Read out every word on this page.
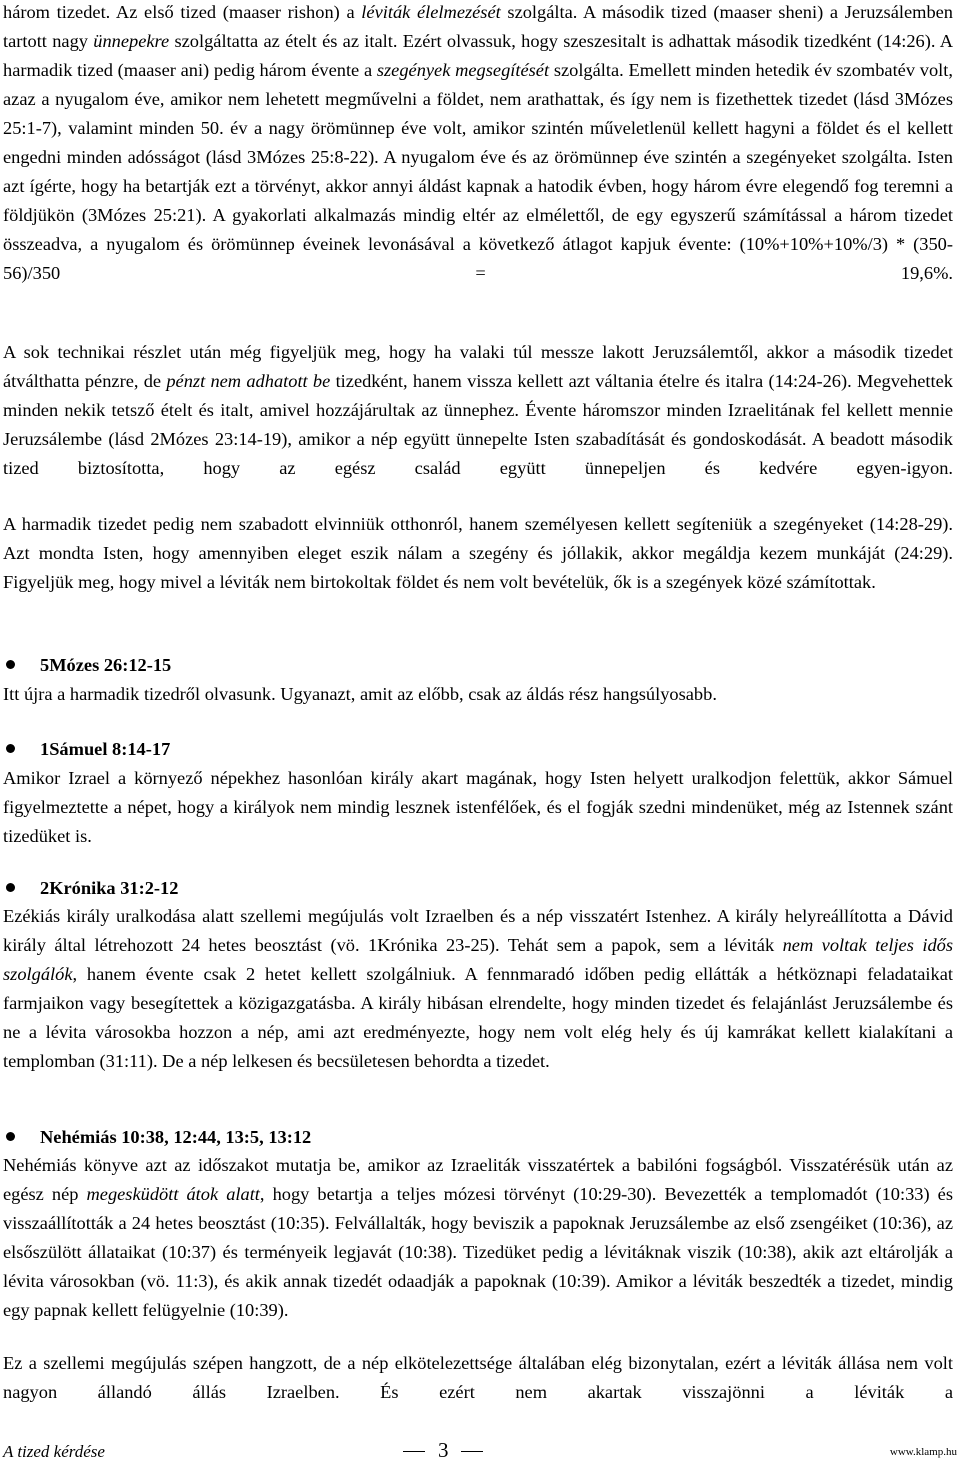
három tizedet. Az első tized (maaser rishon) a léviták élelmezését szolgálta. A második tized (maaser sheni) a Jeruzsálemben tartott nagy ünnepekre szolgáltatta az ételt és az italt. Ezért olvassuk, hogy szeszesitalt is adhattak második tizedként (14:26). A harmadik tized (maaser ani) pedig három évente a szegények megsegítését szolgálta. Emellett minden hetedik év szombatév volt, azaz a nyugalom éve, amikor nem lehetett megművelni a földet, nem arathattak, és így nem is fizethettek tizedet (lásd 3Mózes 25:1-7), valamint minden 50. év a nagy örömünnep éve volt, amikor szintén műveletlenül kellett hagyni a földet és el kellett engedni minden adósságot (lásd 3Mózes 25:8-22). A nyugalom éve és az örömünnep éve szintén a szegényeket szolgálta. Isten azt ígérte, hogy ha betartják ezt a törvényt, akkor annyi áldást kapnak a hatodik évben, hogy három évre elegendő fog teremni a földjükön (3Mózes 25:21). A gyakorlati alkalmazás mindig eltér az elmélettől, de egy egyszerű számítással a három tizedet összeadva, a nyugalom és örömünnep éveinek levonásával a következő átlagot kapjuk évente: (10%+10%+10%/3) * (350-56)/350 = 19,6%.

A sok technikai részlet után még figyeljük meg, hogy ha valaki túl messze lakott Jeruzsálemtől, akkor a második tizedet átválthatta pénzre, de pénzt nem adhatott be tizedként, hanem vissza kellett azt váltania ételre és italra (14:24-26). Megvehettek minden nekik tetsző ételt és italt, amivel hozzájárultak az ünnephez. Évente háromszor minden Izraelitának fel kellett mennie Jeruzsálembe (lásd 2Mózes 23:14-19), amikor a nép együtt ünnepelte Isten szabadítását és gondoskodását. A beadott második tized biztosította, hogy az egész család együtt ünnepeljen és kedvére egyen-igyon.

A harmadik tizedet pedig nem szabadott elvinniük otthonról, hanem személyesen kellett segíteniük a szegényeket (14:28-29). Azt mondta Isten, hogy amennyiben eleget eszik nálam a szegény és jóllakik, akkor megáldja kezem munkáját (24:29). Figyeljük meg, hogy mivel a léviták nem birtokoltak földet és nem volt bevételük, ők is a szegények közé számítottak.

5Mózes 26:12-15

Itt újra a harmadik tizedről olvasunk. Ugyanazt, amit az előbb, csak az áldás rész hangsúlyosabb.

1Sámuel 8:14-17

Amikor Izrael a környező népekhez hasonlóan király akart magának, hogy Isten helyett uralkodjon felettük, akkor Sámuel figyelmeztette a népet, hogy a királyok nem mindig lesznek istenfélőek, és el fogják szedni mindenüket, még az Istennek szánt tizedüket is.

2Krónika 31:2-12

Ezékiás király uralkodása alatt szellemi megújulás volt Izraelben és a nép visszatért Istenhez. A király helyreállította a Dávid király által létrehozott 24 hetes beosztást (vö. 1Krónika 23-25). Tehát sem a papok, sem a léviták nem voltak teljes idős szolgálók, hanem évente csak 2 hetet kellett szolgálniuk. A fennmaradó időben pedig ellátták a hétköznapi feladataikat farmjaikon vagy besegítettek a közigazgatásba. A király hibásan elrendelte, hogy minden tizedet és felajánlást Jeruzsálembe és ne a lévita városokba hozzon a nép, ami azt eredményezte, hogy nem volt elég hely és új kamrákat kellett kialakítani a templomban (31:11). De a nép lelkesen és becsületesen behordta a tizedet.

Nehémiás 10:38, 12:44, 13:5, 13:12

Nehémiás könyve azt az időszakot mutatja be, amikor az Izraeliták visszatértek a babilóni fogságból. Visszatérésük után az egész nép megesküdött átok alatt, hogy betartja a teljes mózesi törvényt (10:29-30). Bevezették a templomadót (10:33) és visszaállították a 24 hetes beosztást (10:35). Felvállalták, hogy beviszik a papoknak Jeruzsálembe az első zsengéiket (10:36), az elsőszülött állataikat (10:37) és terményeik legjavát (10:38). Tizedüket pedig a lévitáknak viszik (10:38), akik azt eltárolják a lévita városokban (vö. 11:3), és akik annak tizedét odaadják a papoknak (10:39). Amikor a léviták beszedték a tizedet, mindig egy papnak kellett felügyelnie (10:39).

Ez a szellemi megújulás szépen hangzott, de a nép elkötelezettsége általában elég bizonytalan, ezért a léviták állása nem volt nagyon állandó állás Izraelben. És ezért nem akartak visszajönni a léviták a

A tized kérdése	3	www.klamp.hu
